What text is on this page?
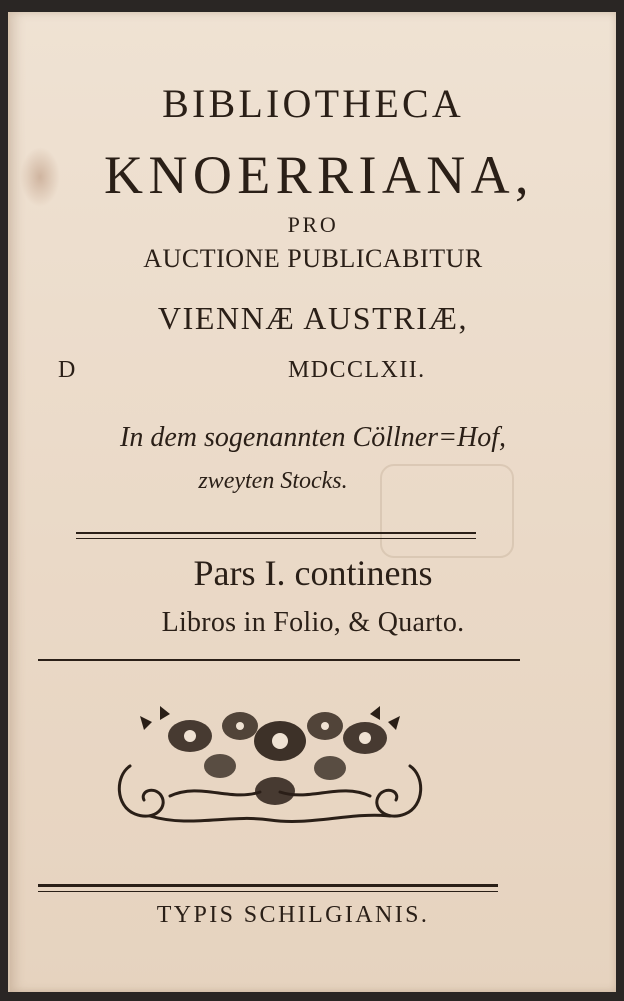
BIBLIOTHECA
KNOERRIANA,
PRO
AUCTIONE PUBLICABITUR
VIENNÆ AUSTRIÆ,
D	MDCCLXII.
In dem sogenannten Cöllner=Hof,
zweyten Stocks.
Pars I. continens
Libros in Folio, & Quarto.
TYPIS SCHILGIANIS.
